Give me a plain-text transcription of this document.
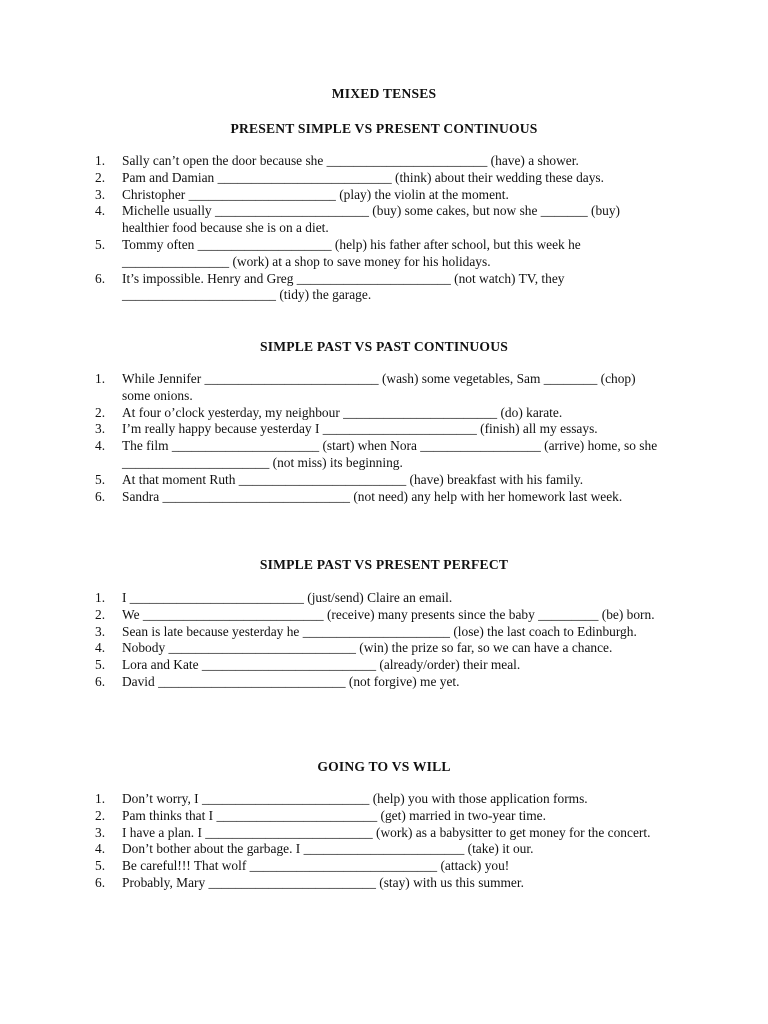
MIXED TENSES
PRESENT SIMPLE VS PRESENT CONTINUOUS
1.	Sally can’t open the door because she ________________________ (have) a shower.
2.	Pam and Damian __________________________ (think) about their wedding these days.
3.	Christopher ______________________ (play) the violin at the moment.
4.	Michelle usually _______________________ (buy) some cakes, but now she _______ (buy) healthier food because she is on a diet.
5.	Tommy often ____________________ (help) his father after school, but this week he ________________ (work) at a shop to save money for his holidays.
6.	It’s impossible. Henry and Greg _______________________ (not watch) TV, they _______________________ (tidy) the garage.
SIMPLE PAST VS PAST CONTINUOUS
1.	While Jennifer __________________________ (wash) some vegetables, Sam ________ (chop) some onions.
2.	At four o’clock yesterday, my neighbour _______________________ (do) karate.
3.	I’m really happy because yesterday I _______________________ (finish) all my essays.
4.	The film ______________________ (start) when Nora __________________ (arrive) home, so she ______________________ (not miss) its beginning.
5.	At that moment Ruth _________________________ (have) breakfast with his family.
6.	Sandra ____________________________ (not need) any help with her homework last week.
SIMPLE PAST VS PRESENT PERFECT
1.	I __________________________ (just/send) Claire an email.
2.	We ___________________________ (receive) many presents since the baby _________ (be) born.
3.	Sean is late because yesterday he ______________________ (lose) the last coach to Edinburgh.
4.	Nobody ____________________________ (win) the prize so far, so we can have a chance.
5.	Lora and Kate __________________________ (already/order) their meal.
6.	David ____________________________ (not forgive) me yet.
GOING TO VS WILL
1.	Don’t worry, I _________________________ (help) you with those application forms.
2.	Pam thinks that I ________________________ (get) married in two-year time.
3.	I have a plan. I _________________________ (work) as a babysitter to get money for the concert.
4.	Don’t bother about the garbage. I ________________________ (take) it our.
5.	Be careful!!! That wolf ____________________________ (attack) you!
6.	Probably, Mary _________________________ (stay) with us this summer.
